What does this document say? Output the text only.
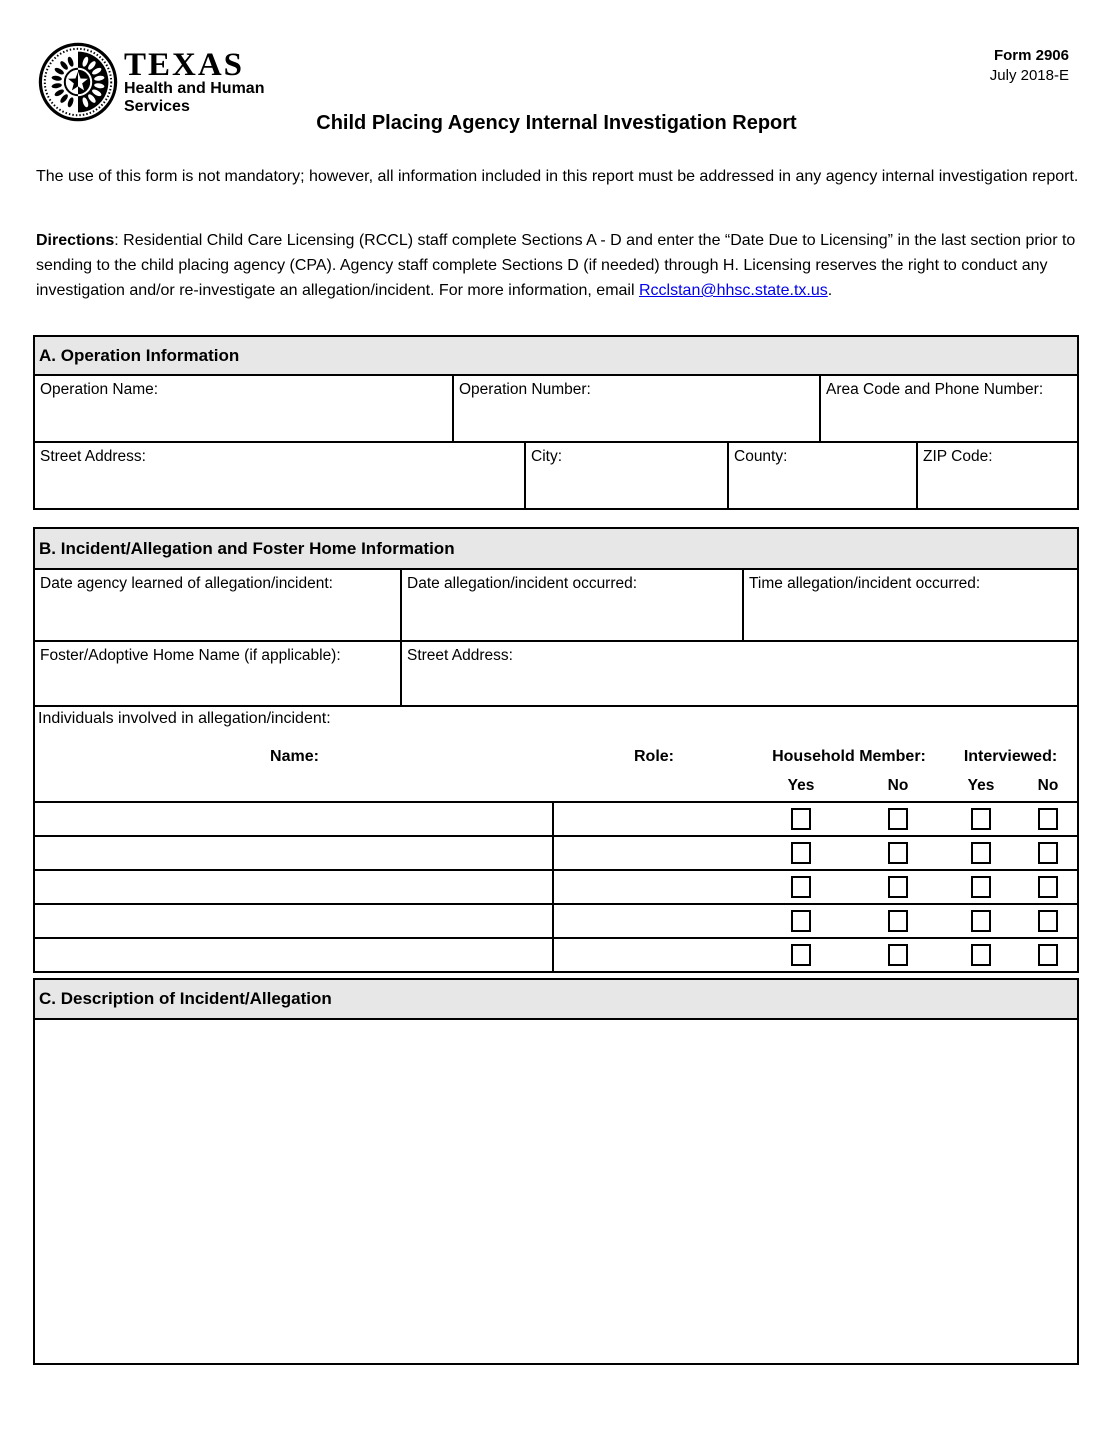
TEXAS
Health and Human
Services
Form 2906
July 2018-E
Child Placing Agency Internal Investigation Report

The use of this form is not mandatory; however, all information included in this report must be addressed in any agency internal investigation report.

Directions: Residential Child Care Licensing (RCCL) staff complete Sections A - D and enter the “Date Due to Licensing” in the last section prior to sending to the child placing agency (CPA). Agency staff complete Sections D (if needed) through H. Licensing reserves the right to conduct any investigation and/or re-investigate an allegation/incident. For more information, email Rcclstan@hhsc.state.tx.us.

A. Operation Information
Operation Name:	Operation Number:	Area Code and Phone Number:
Street Address:	City:	County:	ZIP Code:
B. Incident/Allegation and Foster Home Information
Date agency learned of allegation/incident:	Date allegation/incident occurred:	Time allegation/incident occurred:
Foster/Adoptive Home Name (if applicable):	Street Address:
Individuals involved in allegation/incident:
Name:	Role:	Household Member:	Interviewed:
Yes	No	Yes	No
C. Description of Incident/Allegation
